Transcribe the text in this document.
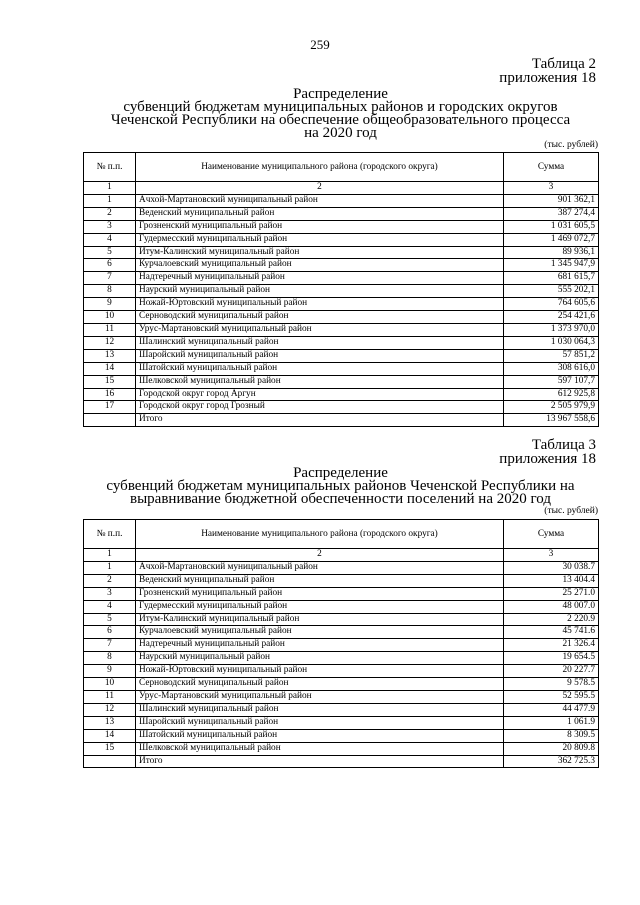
259
Таблица 2
приложения 18
Распределение
субвенций бюджетам муниципальных районов и городских округов
Чеченской Республики на обеспечение общеобразовательного процесса
на 2020 год
(тыс. рублей)
№ п.п.	Наименование муниципального района (городского округа)	Сумма
1	2	3
1	Ачхой-Мартановский муниципальный район	901 362,1
2	Веденский муниципальный район	387 274,4
3	Грозненский муниципальный район	1 031 605,5
4	Гудермесский муниципальный район	1 469 072,7
5	Итум-Калинский муниципальный район	89 936,1
6	Курчалоевский муниципальный район	1 345 947,9
7	Надтеречный муниципальный район	681 615,7
8	Наурский муниципальный район	555 202,1
9	Ножай-Юртовский муниципальный район	764 605,6
10	Серноводский муниципальный район	254 421,6
11	Урус-Мартановский муниципальный район	1 373 970,0
12	Шалинский муниципальный район	1 030 064,3
13	Шаройский муниципальный район	57 851,2
14	Шатойский муниципальный район	308 616,0
15	Шелковской муниципальный район	597 107,7
16	Городской округ город Аргун	612 925,8
17	Городской округ город Грозный	2 505 979,9
	Итого	13 967 558,6
Таблица 3
приложения 18
Распределение
субвенций бюджетам муниципальных районов Чеченской Республики на
выравнивание бюджетной обеспеченности поселений на 2020 год
(тыс. рублей)
№ п.п.	Наименование муниципального района (городского округа)	Сумма
1	2	3
1	Ачхой-Мартановский муниципальный район	30 038.7
2	Веденский муниципальный район	13 404.4
3	Грозненский муниципальный район	25 271.0
4	Гудермесский муниципальный район	48 007.0
5	Итум-Калинский муниципальный район	2 220.9
6	Курчалоевский муниципальный район	45 741.6
7	Надтеречный муниципальный район	21 326.4
8	Наурский муниципальный район	19 654.5
9	Ножай-Юртовский муниципальный район	20 227.7
10	Серноводский муниципальный район	9 578.5
11	Урус-Мартановский муниципальный район	52 595.5
12	Шалинский муниципальный район	44 477.9
13	Шаройский муниципальный район	1 061.9
14	Шатойский муниципальный район	8 309.5
15	Шелковской муниципальный район	20 809.8
	Итого	362 725.3
